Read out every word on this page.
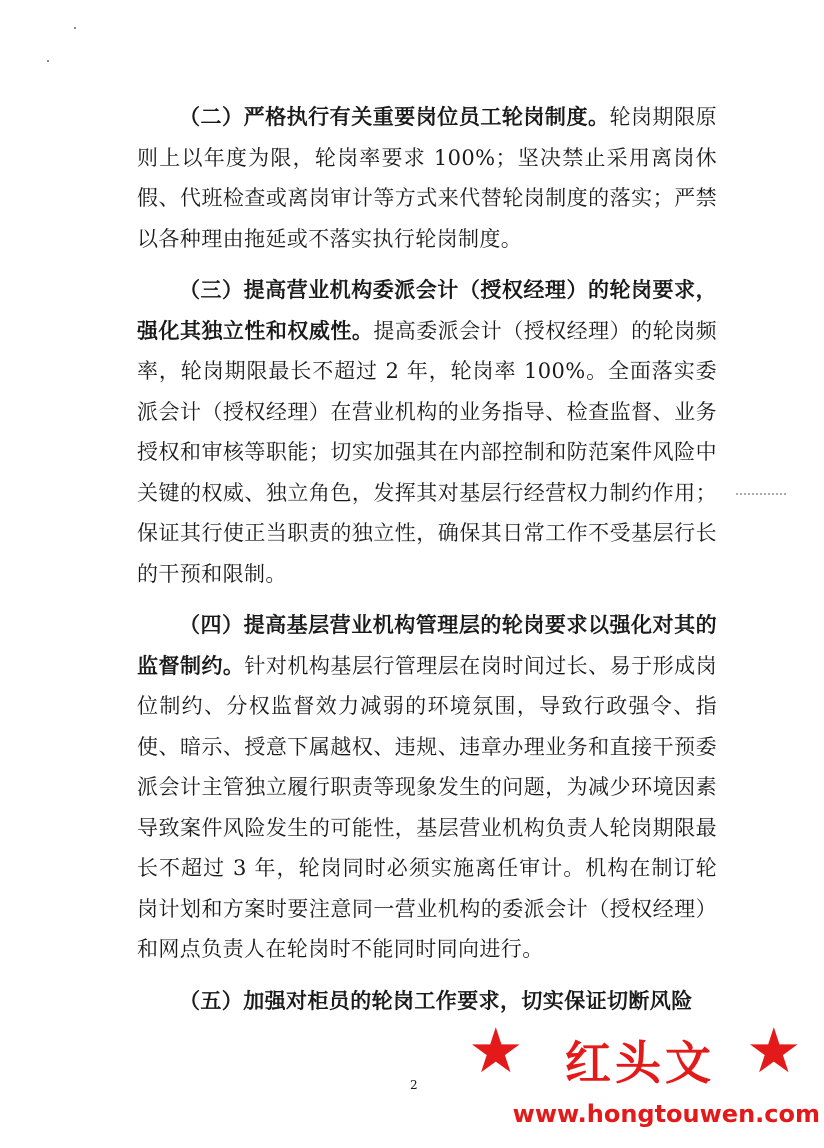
（二）严格执行有关重要岗位员工轮岗制度。轮岗期限原则上以年度为限，轮岗率要求 100%；坚决禁止采用离岗休假、代班检查或离岗审计等方式来代替轮岗制度的落实；严禁以各种理由拖延或不落实执行轮岗制度。

（三）提高营业机构委派会计（授权经理）的轮岗要求，强化其独立性和权威性。提高委派会计（授权经理）的轮岗频率，轮岗期限最长不超过 2 年，轮岗率 100%。全面落实委派会计（授权经理）在营业机构的业务指导、检查监督、业务授权和审核等职能；切实加强其在内部控制和防范案件风险中关键的权威、独立角色，发挥其对基层行经营权力制约作用；保证其行使正当职责的独立性，确保其日常工作不受基层行长的干预和限制。

（四）提高基层营业机构管理层的轮岗要求以强化对其的监督制约。针对机构基层行管理层在岗时间过长、易于形成岗位制约、分权监督效力减弱的环境氛围，导致行政强令、指使、暗示、授意下属越权、违规、违章办理业务和直接干预委派会计主管独立履行职责等现象发生的问题，为减少环境因素导致案件风险发生的可能性，基层营业机构负责人轮岗期限最长不超过 3 年，轮岗同时必须实施离任审计。机构在制订轮岗计划和方案时要注意同一营业机构的委派会计（授权经理）和网点负责人在轮岗时不能同时同向进行。

（五）加强对柜员的轮岗工作要求，切实保证切断风险

2 ★ 红头文 ★
www.hongtouwen.com
